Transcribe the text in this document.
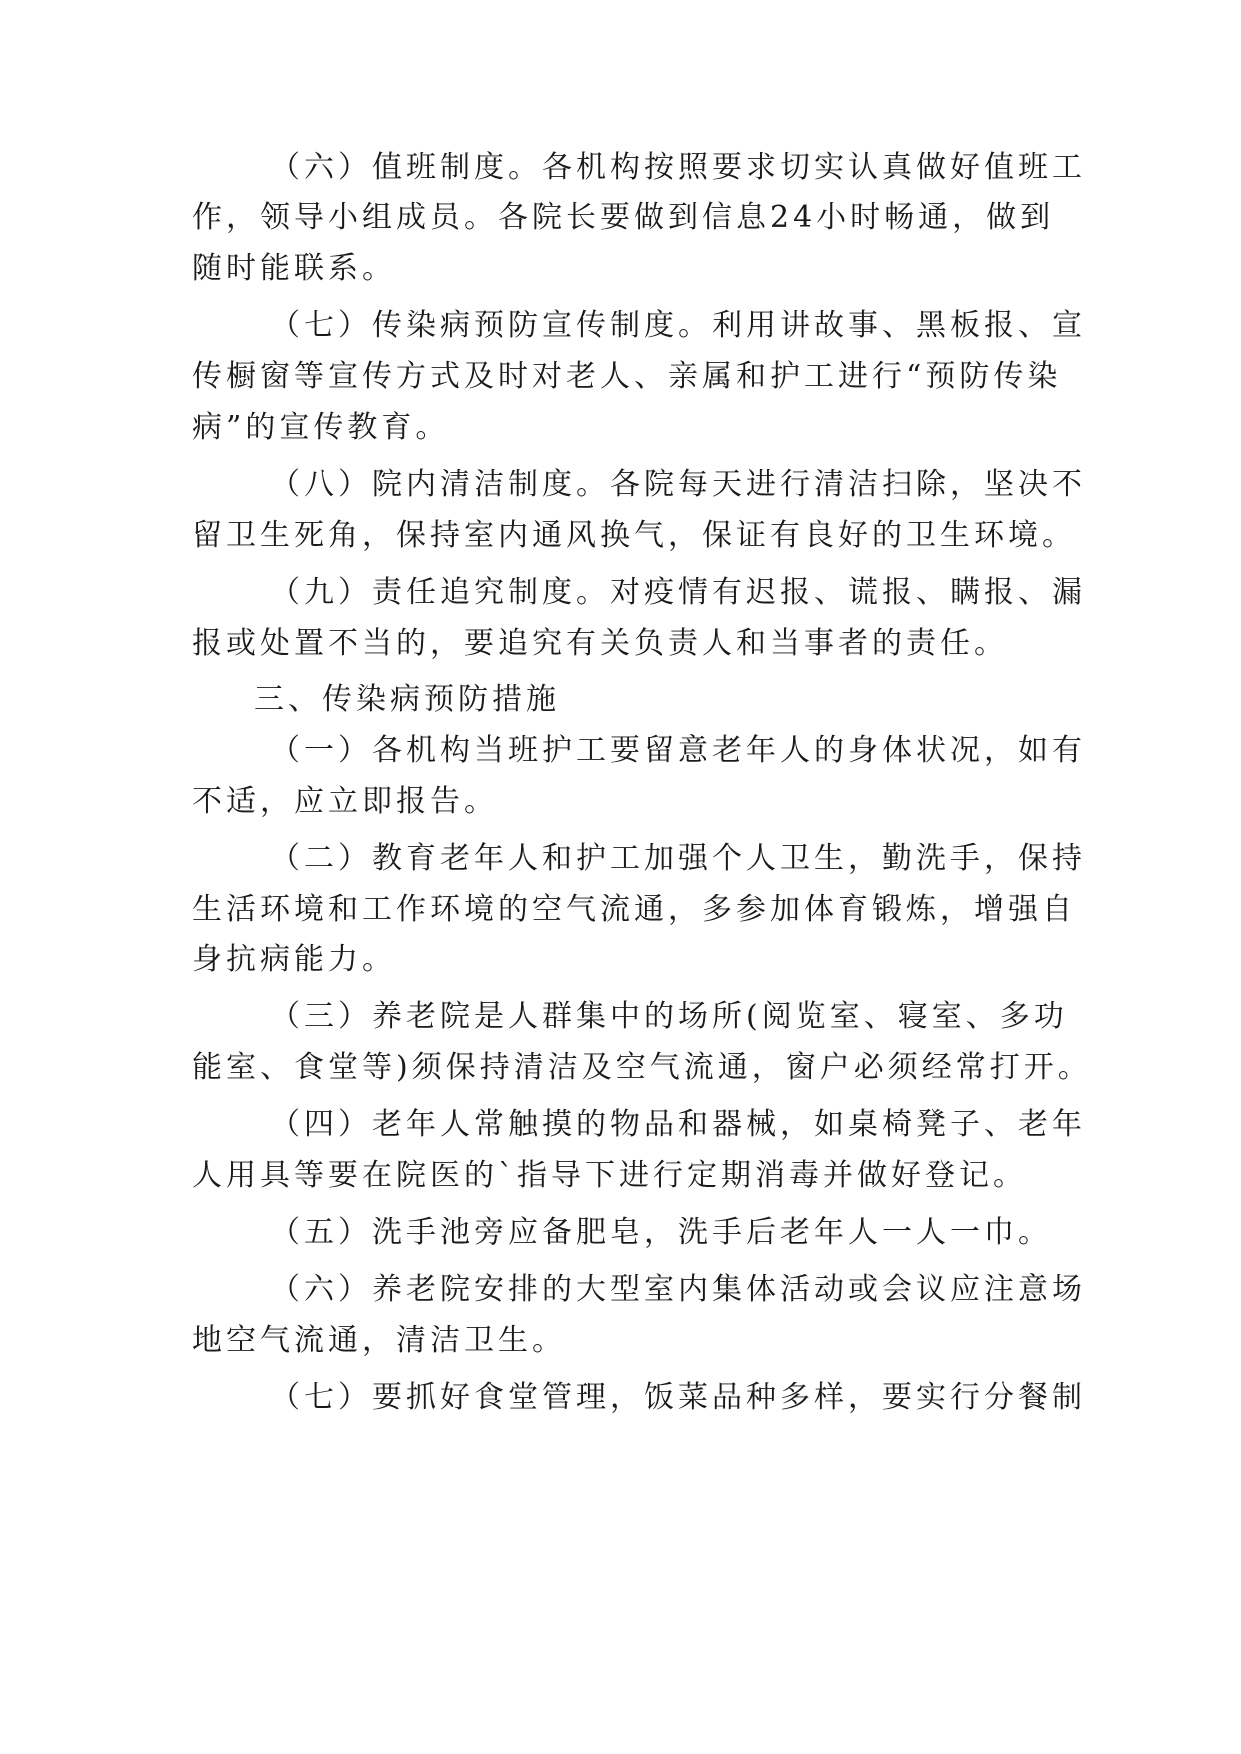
（六）值班制度。各机构按照要求切实认真做好值班工
作，领导小组成员。各院长要做到信息24小时畅通，做到
随时能联系。
（七）传染病预防宣传制度。利用讲故事、黑板报、宣
传橱窗等宣传方式及时对老人、亲属和护工进行“预防传染
病”的宣传教育。
（八）院内清洁制度。各院每天进行清洁扫除，坚决不
留卫生死角，保持室内通风换气，保证有良好的卫生环境。
（九）责任追究制度。对疫情有迟报、谎报、瞒报、漏
报或处置不当的，要追究有关负责人和当事者的责任。
三、传染病预防措施
（一）各机构当班护工要留意老年人的身体状况，如有
不适，应立即报告。
（二）教育老年人和护工加强个人卫生，勤洗手，保持
生活环境和工作环境的空气流通，多参加体育锻炼，增强自
身抗病能力。
（三）养老院是人群集中的场所(阅览室、寝室、多功
能室、食堂等)须保持清洁及空气流通，窗户必须经常打开。
（四）老年人常触摸的物品和器械，如桌椅凳子、老年
人用具等要在院医的`指导下进行定期消毒并做好登记。
（五）洗手池旁应备肥皂，洗手后老年人一人一巾。
（六）养老院安排的大型室内集体活动或会议应注意场
地空气流通，清洁卫生。
（七）要抓好食堂管理，饭菜品种多样，要实行分餐制
